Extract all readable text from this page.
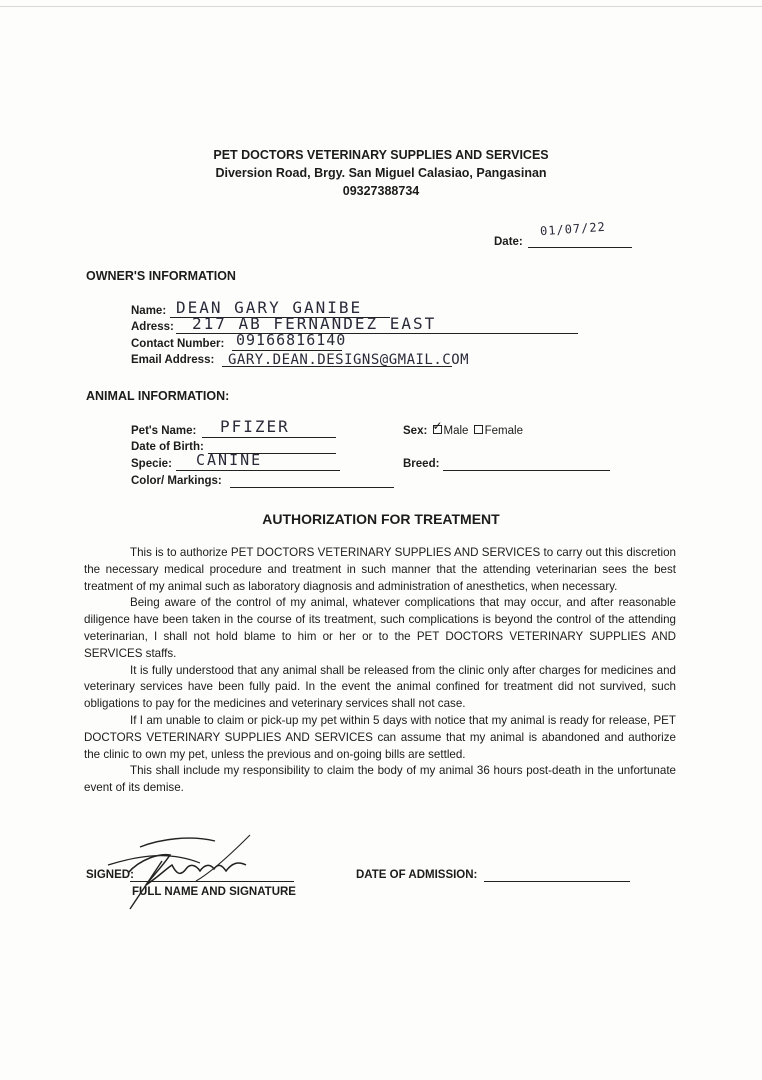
PET DOCTORS VETERINARY SUPPLIES AND SERVICES
Diversion Road, Brgy. San Miguel Calasiao, Pangasinan
09327388734
Date:
01/07/22
OWNER'S INFORMATION
Name: DEAN GARY GANIBE
Adress: 217 AB FERNANDEZ EAST
Contact Number: 09166816140
Email Address: GARY.DEAN.DESIGNS@GMAIL.COM
ANIMAL INFORMATION:
Pet's Name: PFIZER
Date of Birth:
Specie: CANINE
Color/ Markings:
Sex: ✓ Male Female
Breed:
AUTHORIZATION FOR TREATMENT

This is to authorize PET DOCTORS VETERINARY SUPPLIES AND SERVICES to carry out this discretion the necessary medical procedure and treatment in such manner that the attending veterinarian sees the best treatment of my animal such as laboratory diagnosis and administration of anesthetics, when necessary.

Being aware of the control of my animal, whatever complications that may occur, and after reasonable diligence have been taken in the course of its treatment, such complications is beyond the control of the attending veterinarian, I shall not hold blame to him or her or to the PET DOCTORS VETERINARY SUPPLIES AND SERVICES staffs.

It is fully understood that any animal shall be released from the clinic only after charges for medicines and veterinary services have been fully paid. In the event the animal confined for treatment did not survived, such obligations to pay for the medicines and veterinary services shall not case.

If I am unable to claim or pick-up my pet within 5 days with notice that my animal is ready for release, PET DOCTORS VETERINARY SUPPLIES AND SERVICES can assume that my animal is abandoned and authorize the clinic to own my pet, unless the previous and on-going bills are settled.

This shall include my responsibility to claim the body of my animal 36 hours post-death in the unfortunate event of its demise.

SIGNED:
FULL NAME AND SIGNATURE
DATE OF ADMISSION:
